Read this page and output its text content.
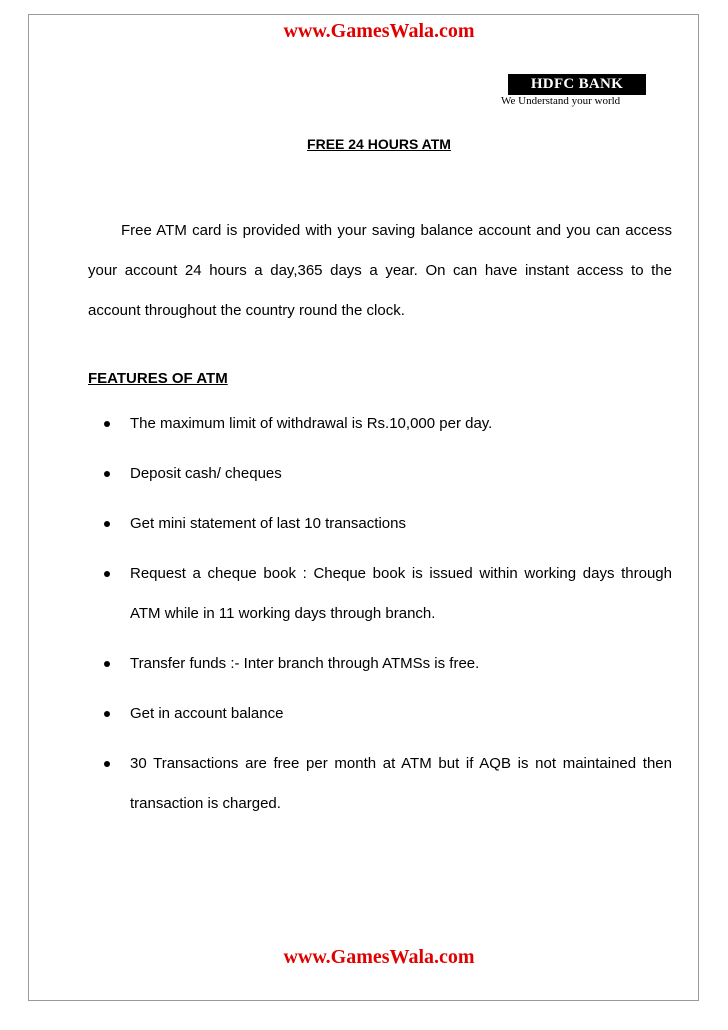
www.GamesWala.com
HDFC BANK
We Understand your world
FREE 24 HOURS ATM

Free ATM card is provided with your saving balance account and you can access your account 24 hours a day,365 days a year. On can have instant access to the account throughout the country round the clock.

FEATURES OF ATM
The maximum limit of withdrawal is Rs.10,000 per day.
Deposit cash/ cheques
Get mini statement of last 10 transactions
Request a cheque book : Cheque book is issued within working days through ATM while in 11 working days through branch.
Transfer funds :- Inter branch through ATMSs is free.
Get in account balance
30 Transactions are free per month at ATM but if AQB is not maintained then transaction is charged.
www.GamesWala.com
